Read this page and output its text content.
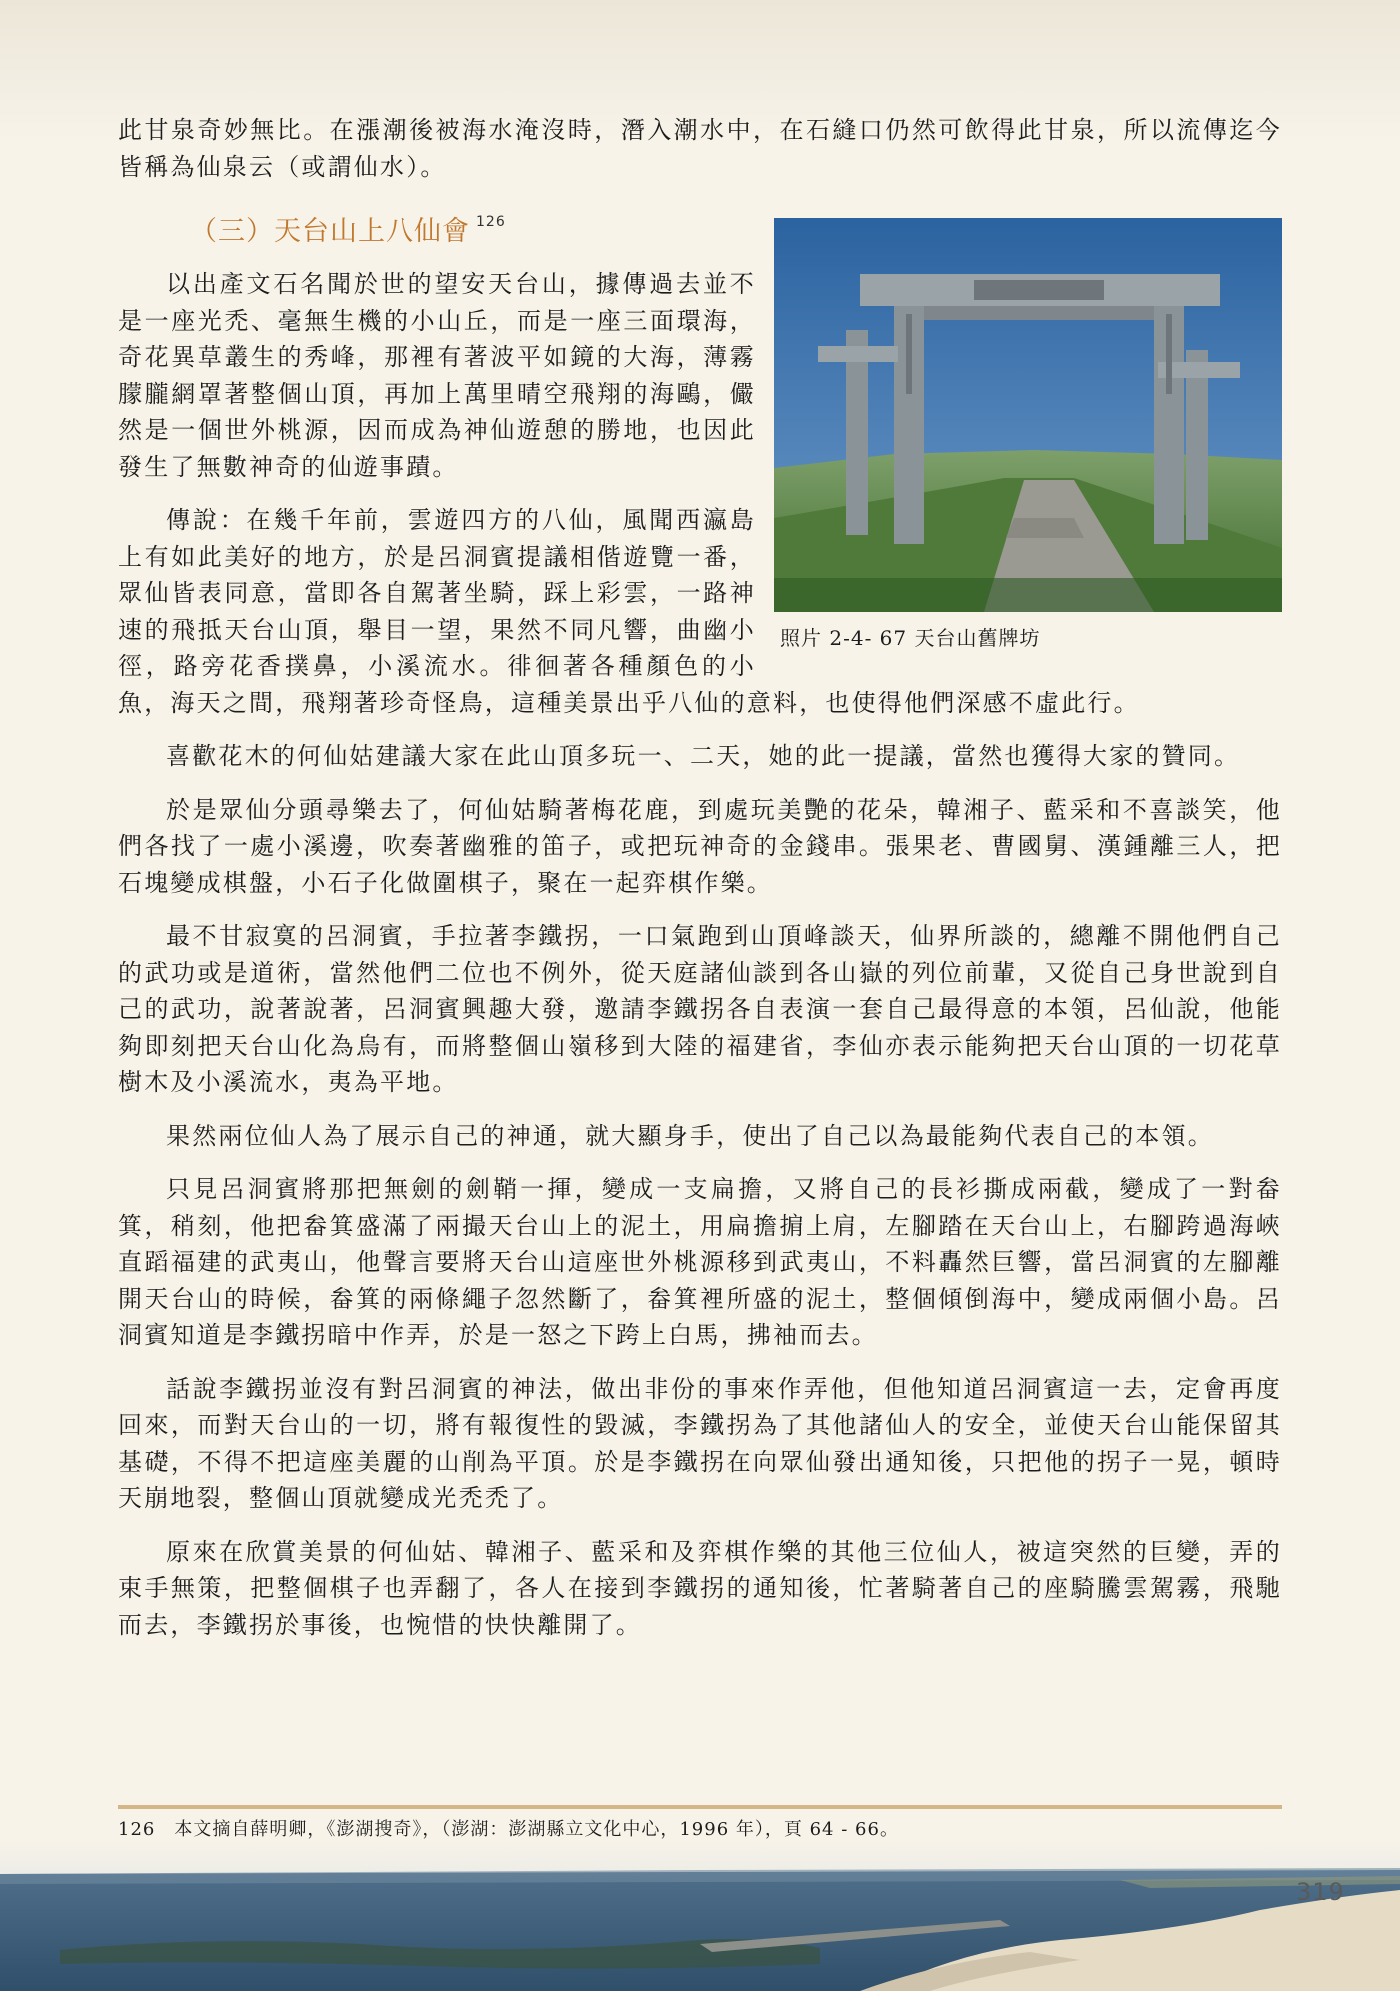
此甘泉奇妙無比。在漲潮後被海水淹沒時，潛入潮水中，在石縫口仍然可飲得此甘泉，所以流傳迄今皆稱為仙泉云（或謂仙水）。

（三）天台山上八仙會 $^{126}$
照片 2-4- 67 天台山舊牌坊

以出產文石名聞於世的望安天台山，據傳過去並不是一座光禿、毫無生機的小山丘，而是一座三面環海，奇花異草叢生的秀峰，那裡有著波平如鏡的大海，薄霧朦朧網罩著整個山頂，再加上萬里晴空飛翔的海鷗，儼然是一個世外桃源，因而成為神仙遊憩的勝地，也因此發生了無數神奇的仙遊事蹟。

傳說：在幾千年前，雲遊四方的八仙，風聞西瀛島上有如此美好的地方，於是呂洞賓提議相偕遊覽一番，眾仙皆表同意，當即各自駕著坐騎，踩上彩雲，一路神速的飛抵天台山頂，舉目一望，果然不同凡響，曲幽小徑，路旁花香撲鼻，小溪流水。徘徊著各種顏色的小魚，海天之間，飛翔著珍奇怪鳥，這種美景出乎八仙的意料，也使得他們深感不虛此行。

喜歡花木的何仙姑建議大家在此山頂多玩一、二天，她的此一提議，當然也獲得大家的贊同。

於是眾仙分頭尋樂去了，何仙姑騎著梅花鹿，到處玩美艷的花朵，韓湘子、藍采和不喜談笑，他們各找了一處小溪邊，吹奏著幽雅的笛子，或把玩神奇的金錢串。張果老、曹國舅、漢鍾離三人，把石塊變成棋盤，小石子化做圍棋子，聚在一起弈棋作樂。

最不甘寂寞的呂洞賓，手拉著李鐵拐，一口氣跑到山頂峰談天，仙界所談的，總離不開他們自己的武功或是道術，當然他們二位也不例外，從天庭諸仙談到各山嶽的列位前輩，又從自己身世說到自己的武功，說著說著，呂洞賓興趣大發，邀請李鐵拐各自表演一套自己最得意的本領，呂仙說，他能夠即刻把天台山化為烏有，而將整個山嶺移到大陸的福建省，李仙亦表示能夠把天台山頂的一切花草樹木及小溪流水，夷為平地。

果然兩位仙人為了展示自己的神通，就大顯身手，使出了自己以為最能夠代表自己的本領。

只見呂洞賓將那把無劍的劍鞘一揮，變成一支扁擔，又將自己的長衫撕成兩截，變成了一對畚箕，稍刻，他把畚箕盛滿了兩撮天台山上的泥土，用扁擔掮上肩，左腳踏在天台山上，右腳跨過海峽直蹈福建的武夷山，他聲言要將天台山這座世外桃源移到武夷山，不料轟然巨響，當呂洞賓的左腳離開天台山的時候，畚箕的兩條繩子忽然斷了，畚箕裡所盛的泥土，整個傾倒海中，變成兩個小島。呂洞賓知道是李鐵拐暗中作弄，於是一怒之下跨上白馬，拂袖而去。

話說李鐵拐並沒有對呂洞賓的神法，做出非份的事來作弄他，但他知道呂洞賓這一去，定會再度回來，而對天台山的一切，將有報復性的毀滅，李鐵拐為了其他諸仙人的安全，並使天台山能保留其基礎，不得不把這座美麗的山削為平頂。於是李鐵拐在向眾仙發出通知後，只把他的拐子一晃，頓時天崩地裂，整個山頂就變成光禿禿了。

原來在欣賞美景的何仙姑、韓湘子、藍采和及弈棋作樂的其他三位仙人，被這突然的巨變，弄的束手無策，把整個棋子也弄翻了，各人在接到李鐵拐的通知後，忙著騎著自己的座騎騰雲駕霧，飛馳而去，李鐵拐於事後，也惋惜的快快離開了。

126　本文摘自薛明卿，《澎湖搜奇》，（澎湖：澎湖縣立文化中心，1996 年），頁 64 - 66。
319
